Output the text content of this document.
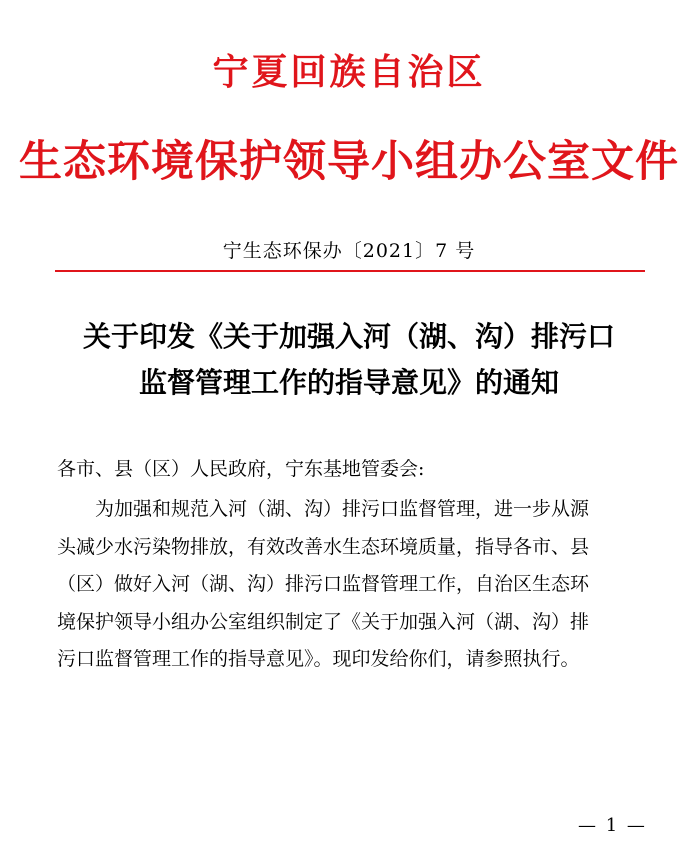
宁夏回族自治区
生态环境保护领导小组办公室文件
宁生态环保办〔2021〕7 号
关于印发《关于加强入河（湖、沟）排污口
监督管理工作的指导意见》的通知
各市、县（区）人民政府，宁东基地管委会:

为加强和规范入河（湖、沟）排污口监督管理，进一步从源
头减少水污染物排放，有效改善水生态环境质量，指导各市、县
（区）做好入河（湖、沟）排污口监督管理工作，自治区生态环
境保护领导小组办公室组织制定了《关于加强入河（湖、沟）排
污口监督管理工作的指导意见》。现印发给你们，请参照执行。

— 1 —
